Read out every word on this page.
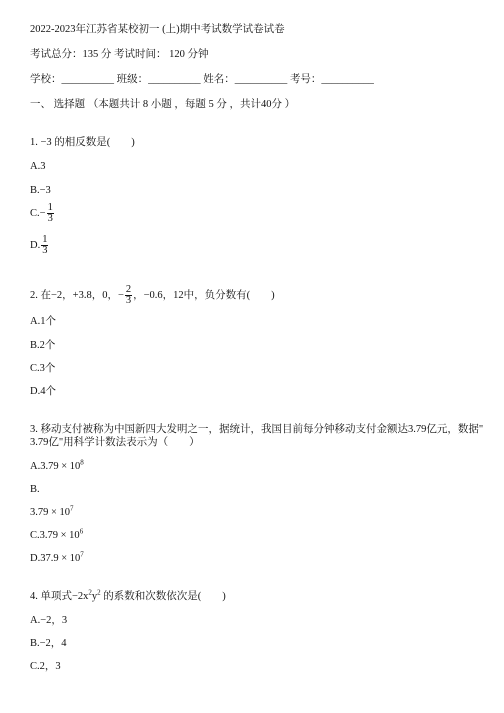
2022-2023年江苏省某校初一 (上)期中考试数学试卷试卷
考试总分：135 分 考试时间： 120 分钟
学校：__________ 班级：__________ 姓名：__________ 考号：__________
一、 选择题 （本题共计 8 小题 ，每题 5 分 ，共计40分 ）
1. −3 的相反数是(　　)
A.3
B.−3
$C.- \frac{1}{3}$
D. $\frac{1}{3}$
2. 在−2，+3.8，0，− $\frac{2}{3}$ ，−0.6，12中，负分数有(　　)
A.1个
B.2个
C.3个
D.4个
3. 移动支付被称为中国新四大发明之一，据统计，我国目前每分钟移动支付金额达3.79亿元，数据"
3.79亿"用科学计数法表示为（　　）
$A.3.79 \times 10^8$
B.
$3.79 \times 10^7$
$C.3.79 \times 10^6$
$D.37.9 \times 10^7$
4. 单项式$-2x^2y^2$ 的系数和次数依次是(　　)
A.−2，3
B.−2，4
C.2，3
